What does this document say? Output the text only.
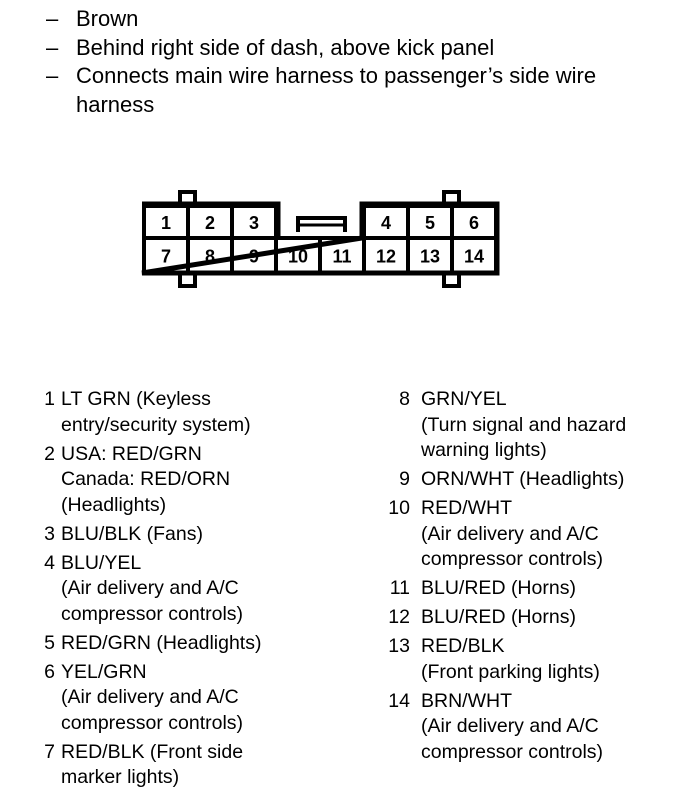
– Brown
– Behind right side of dash, above kick panel
– Connects main wire harness to passenger’s side wire harness
1 2 3	4 5 6
7 8 9 10 11 12 13 14
1 LT GRN (Keyless
entry/security system)
2 USA: RED/GRN
Canada: RED/ORN
(Headlights)
3 BLU/BLK (Fans)
4 BLU/YEL
(Air delivery and A/C
compressor controls)
5 RED/GRN (Headlights)
6 YEL/GRN
(Air delivery and A/C
compressor controls)
7 RED/BLK (Front side
marker lights)
8 GRN/YEL
(Turn signal and hazard
warning lights)
9 ORN/WHT (Headlights)
10 RED/WHT
(Air delivery and A/C
compressor controls)
11 BLU/RED (Horns)
12 BLU/RED (Horns)
13 RED/BLK
(Front parking lights)
14 BRN/WHT
(Air delivery and A/C
compressor controls)
